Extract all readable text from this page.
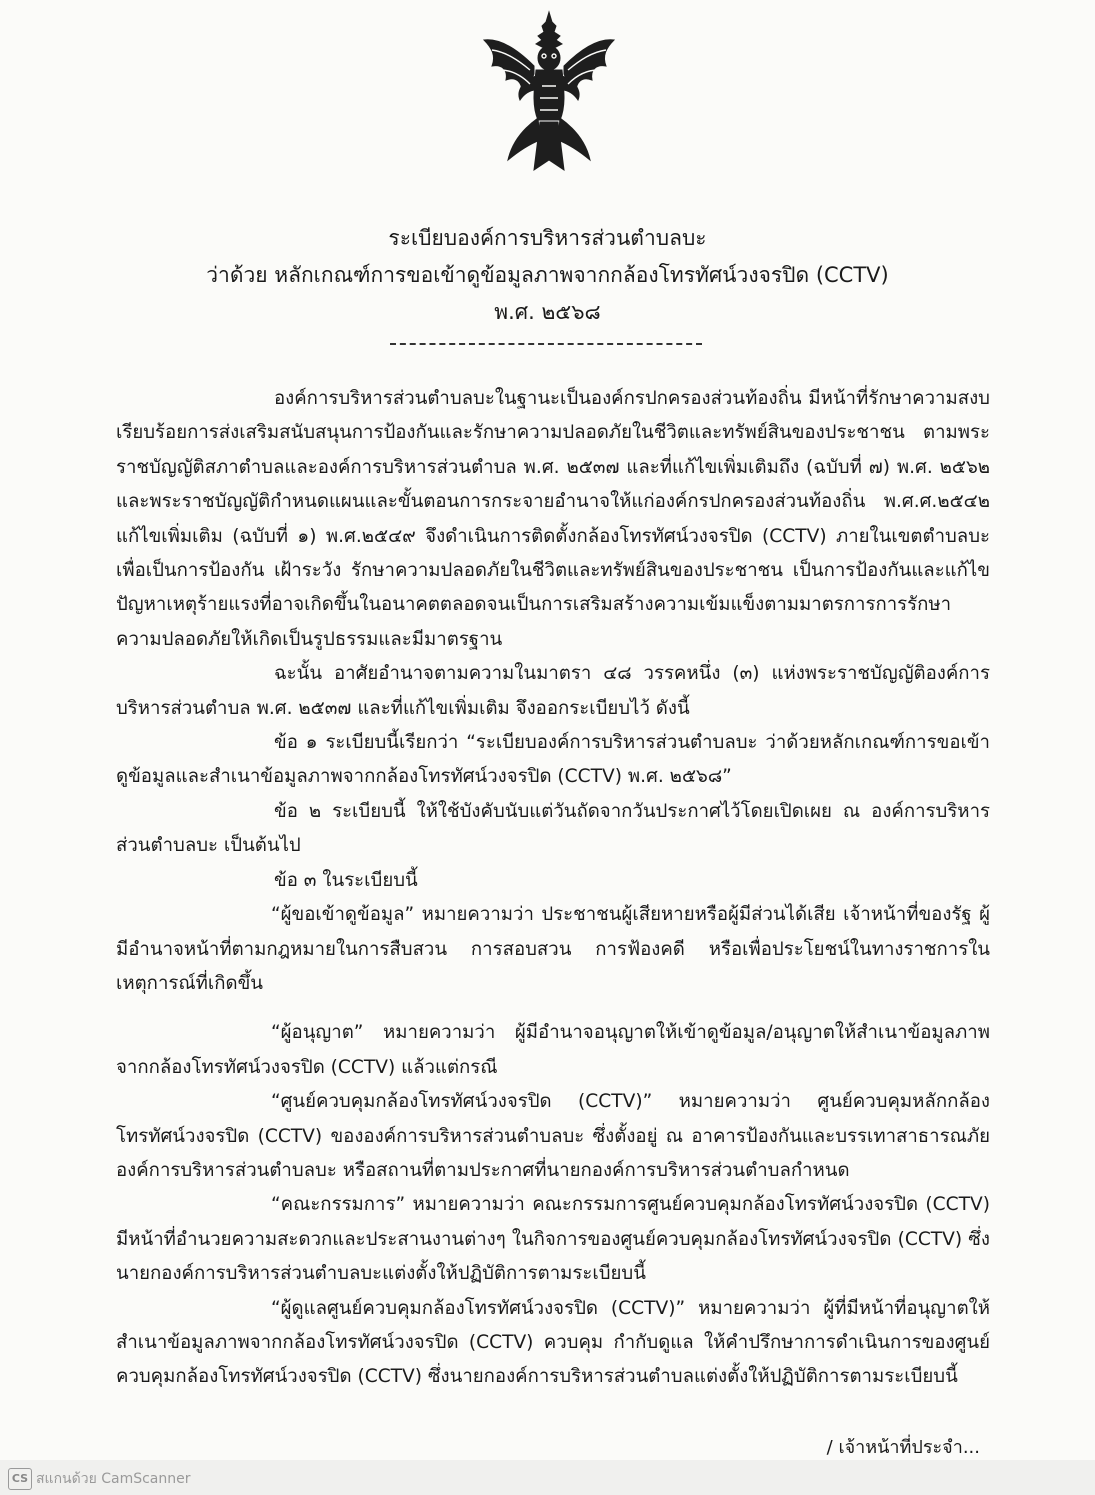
ระเบียบองค์การบริหารส่วนตำบลบะ
ว่าด้วย หลักเกณฑ์การขอเข้าดูข้อมูลภาพจากกล้องโทรทัศน์วงจรปิด (CCTV)
พ.ศ. ๒๕๖๘

องค์การบริหารส่วนตำบลบะในฐานะเป็นองค์กรปกครองส่วนท้องถิ่น มีหน้าที่รักษาความสงบเรียบร้อยการส่งเสริมสนับสนุนการป้องกันและรักษาความปลอดภัยในชีวิตและทรัพย์สินของประชาชน ตามพระราชบัญญัติสภาตำบลและองค์การบริหารส่วนตำบล พ.ศ. ๒๕๓๗ และที่แก้ไขเพิ่มเติมถึง (ฉบับที่ ๗) พ.ศ. ๒๕๖๒ และพระราชบัญญัติกำหนดแผนและขั้นตอนการกระจายอำนาจให้แก่องค์กรปกครองส่วนท้องถิ่น พ.ศ.ศ.๒๕๔๒ แก้ไขเพิ่มเติม (ฉบับที่ ๑) พ.ศ.๒๕๔๙ จึงดำเนินการติดตั้งกล้องโทรทัศน์วงจรปิด (CCTV) ภายในเขตตำบลบะ เพื่อเป็นการป้องกัน เฝ้าระวัง รักษาความปลอดภัยในชีวิตและทรัพย์สินของประชาชน เป็นการป้องกันและแก้ไขปัญหาเหตุร้ายแรงที่อาจเกิดขึ้นในอนาคตตลอดจนเป็นการเสริมสร้างความเข้มแข็งตามมาตรการการรักษาความปลอดภัยให้เกิดเป็นรูปธรรมและมีมาตรฐาน

ฉะนั้น อาศัยอำนาจตามความในมาตรา ๔๘ วรรคหนึ่ง (๓) แห่งพระราชบัญญัติองค์การบริหารส่วนตำบล พ.ศ. ๒๕๓๗ และที่แก้ไขเพิ่มเติม จึงออกระเบียบไว้ ดังนี้

ข้อ ๑ ระเบียบนี้เรียกว่า “ระเบียบองค์การบริหารส่วนตำบลบะ ว่าด้วยหลักเกณฑ์การขอเข้าดูข้อมูลและสำเนาข้อมูลภาพจากกล้องโทรทัศน์วงจรปิด (CCTV) พ.ศ. ๒๕๖๘”

ข้อ ๒ ระเบียบนี้ ให้ใช้บังคับนับแต่วันถัดจากวันประกาศไว้โดยเปิดเผย ณ องค์การบริหารส่วนตำบลบะ เป็นต้นไป

ข้อ ๓ ในระเบียบนี้

“ผู้ขอเข้าดูข้อมูล” หมายความว่า ประชาชนผู้เสียหายหรือผู้มีส่วนได้เสีย เจ้าหน้าที่ของรัฐ ผู้มีอำนาจหน้าที่ตามกฎหมายในการสืบสวน การสอบสวน การฟ้องคดี หรือเพื่อประโยชน์ในทางราชการในเหตุการณ์ที่เกิดขึ้น

“ผู้อนุญาต” หมายความว่า ผู้มีอำนาจอนุญาตให้เข้าดูข้อมูล/อนุญาตให้สำเนาข้อมูลภาพจากกล้องโทรทัศน์วงจรปิด (CCTV) แล้วแต่กรณี

“ศูนย์ควบคุมกล้องโทรทัศน์วงจรปิด (CCTV)” หมายความว่า ศูนย์ควบคุมหลักกล้องโทรทัศน์วงจรปิด (CCTV) ขององค์การบริหารส่วนตำบลบะ ซึ่งตั้งอยู่ ณ อาคารป้องกันและบรรเทาสาธารณภัย องค์การบริหารส่วนตำบลบะ หรือสถานที่ตามประกาศที่นายกองค์การบริหารส่วนตำบลกำหนด

“คณะกรรมการ” หมายความว่า คณะกรรมการศูนย์ควบคุมกล้องโทรทัศน์วงจรปิด (CCTV) มีหน้าที่อำนวยความสะดวกและประสานงานต่างๆ ในกิจการของศูนย์ควบคุมกล้องโทรทัศน์วงจรปิด (CCTV) ซึ่งนายกองค์การบริหารส่วนตำบลบะแต่งตั้งให้ปฏิบัติการตามระเบียบนี้

“ผู้ดูแลศูนย์ควบคุมกล้องโทรทัศน์วงจรปิด (CCTV)” หมายความว่า ผู้ที่มีหน้าที่อนุญาตให้สำเนาข้อมูลภาพจากกล้องโทรทัศน์วงจรปิด (CCTV) ควบคุม กำกับดูแล ให้คำปรึกษาการดำเนินการของศูนย์ควบคุมกล้องโทรทัศน์วงจรปิด (CCTV) ซึ่งนายกองค์การบริหารส่วนตำบลแต่งตั้งให้ปฏิบัติการตามระเบียบนี้

/ เจ้าหน้าที่ประจำ...
CS สแกนด้วย CamScanner
